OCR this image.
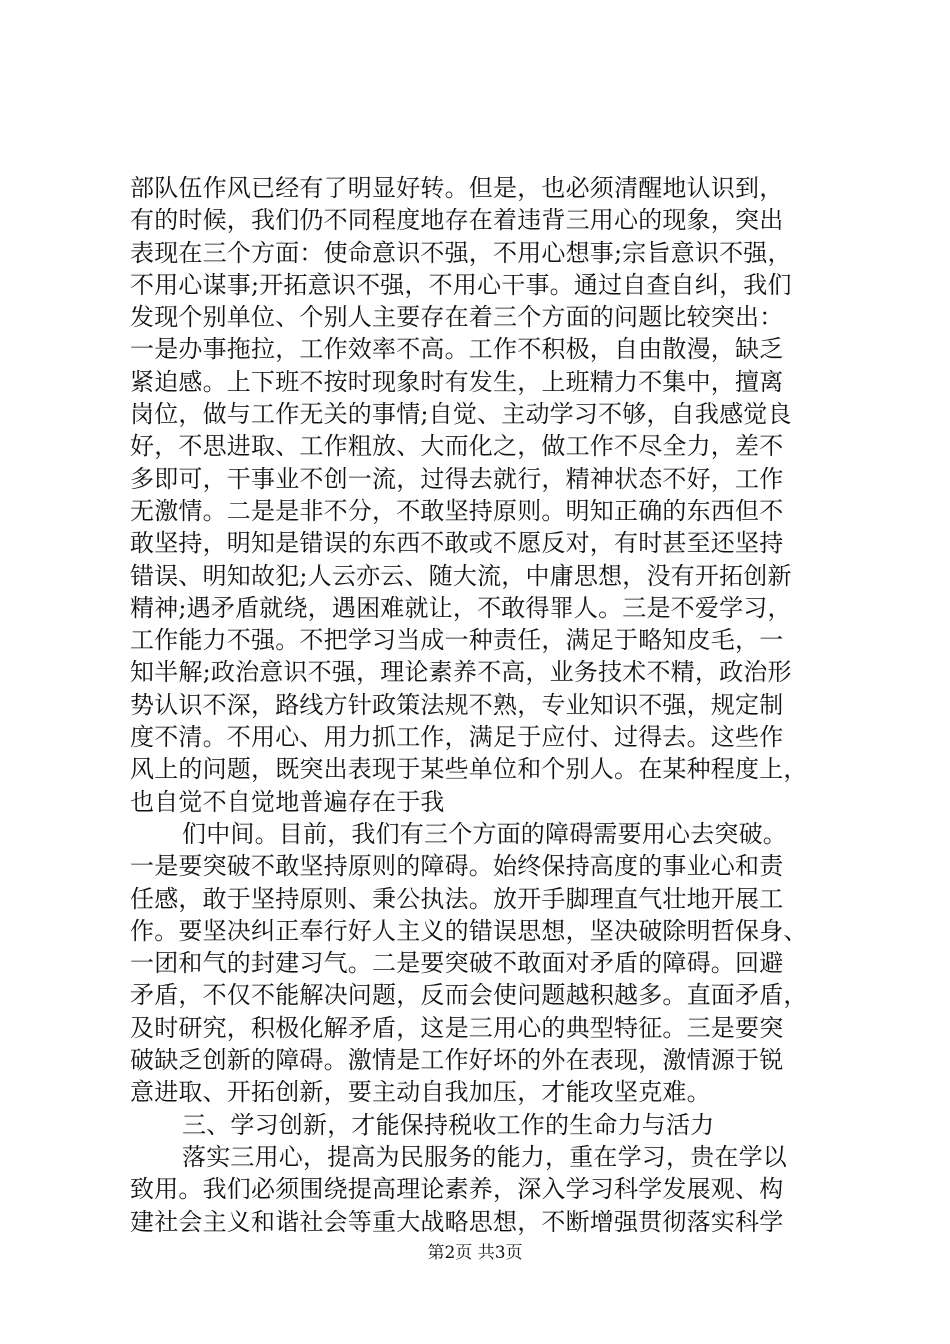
部队伍作风已经有了明显好转。但是，也必须清醒地认识到，
有的时候，我们仍不同程度地存在着违背三用心的现象，突出
表现在三个方面：使命意识不强，不用心想事;宗旨意识不强，
不用心谋事;开拓意识不强，不用心干事。通过自查自纠，我们
发现个别单位、个别人主要存在着三个方面的问题比较突出：
一是办事拖拉，工作效率不高。工作不积极，自由散漫，缺乏
紧迫感。上下班不按时现象时有发生，上班精力不集中，擅离
岗位，做与工作无关的事情;自觉、主动学习不够，自我感觉良
好，不思进取、工作粗放、大而化之，做工作不尽全力，差不
多即可，干事业不创一流，过得去就行，精神状态不好，工作
无激情。二是是非不分，不敢坚持原则。明知正确的东西但不
敢坚持，明知是错误的东西不敢或不愿反对，有时甚至还坚持
错误、明知故犯;人云亦云、随大流，中庸思想，没有开拓创新
精神;遇矛盾就绕，遇困难就让，不敢得罪人。三是不爱学习，
工作能力不强。不把学习当成一种责任，满足于略知皮毛，一
知半解;政治意识不强，理论素养不高，业务技术不精，政治形
势认识不深，路线方针政策法规不熟，专业知识不强，规定制
度不清。不用心、用力抓工作，满足于应付、过得去。这些作
风上的问题，既突出表现于某些单位和个别人。在某种程度上，
也自觉不自觉地普遍存在于我
们中间。目前，我们有三个方面的障碍需要用心去突破。
一是要突破不敢坚持原则的障碍。始终保持高度的事业心和责
任感，敢于坚持原则、秉公执法。放开手脚理直气壮地开展工
作。要坚决纠正奉行好人主义的错误思想，坚决破除明哲保身、
一团和气的封建习气。二是要突破不敢面对矛盾的障碍。回避
矛盾，不仅不能解决问题，反而会使问题越积越多。直面矛盾，
及时研究，积极化解矛盾，这是三用心的典型特征。三是要突
破缺乏创新的障碍。激情是工作好坏的外在表现，激情源于锐
意进取、开拓创新，要主动自我加压，才能攻坚克难。
三、学习创新，才能保持税收工作的生命力与活力
落实三用心，提高为民服务的能力，重在学习，贵在学以
致用。我们必须围绕提高理论素养，深入学习科学发展观、构
建社会主义和谐社会等重大战略思想，不断增强贯彻落实科学
第2页 共3页
